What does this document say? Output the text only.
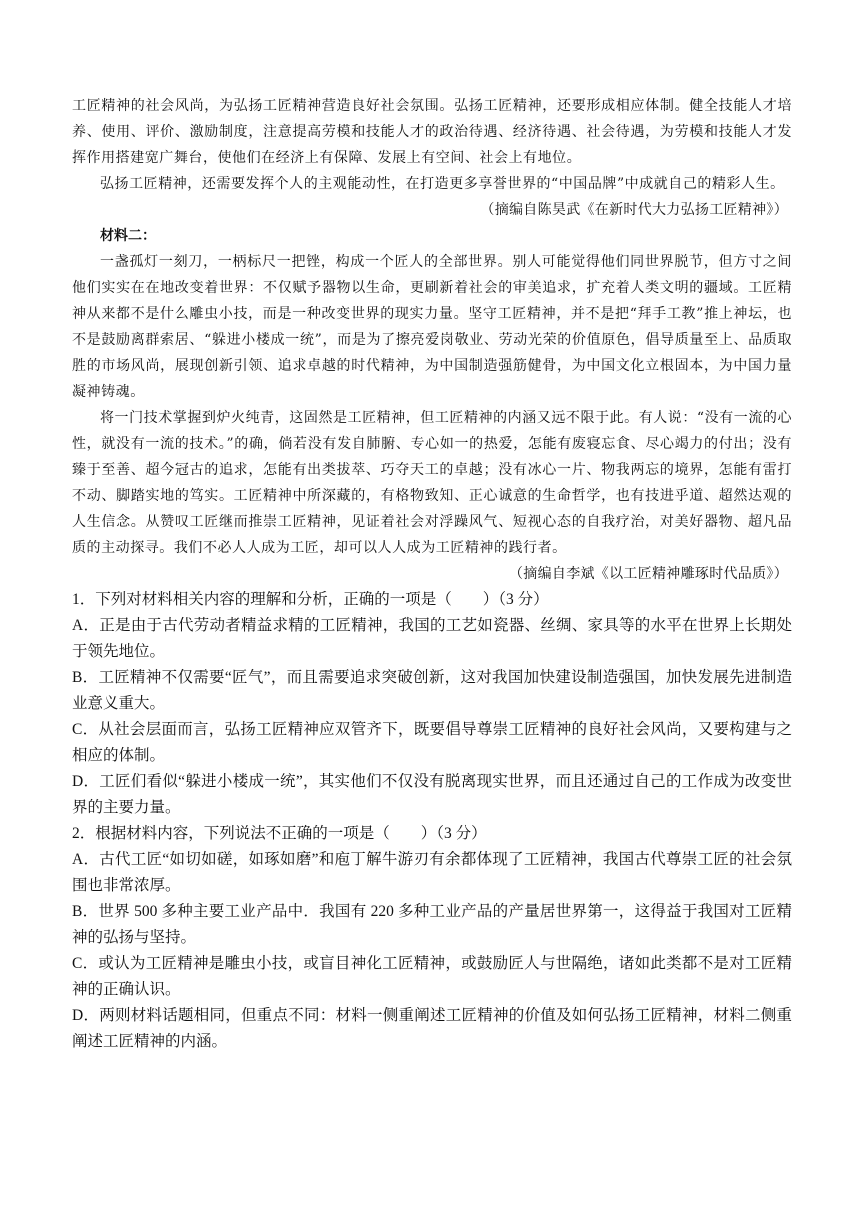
工匠精神的社会风尚，为弘扬工匠精神营造良好社会氛围。弘扬工匠精神，还要形成相应体制。健全技能人才培养、使用、评价、激励制度，注意提高劳模和技能人才的政治待遇、经济待遇、社会待遇，为劳模和技能人才发挥作用搭建宽广舞台，使他们在经济上有保障、发展上有空间、社会上有地位。

弘扬工匠精神，还需要发挥个人的主观能动性，在打造更多享誉世界的“中国品牌”中成就自己的精彩人生。

（摘编自陈昊武《在新时代大力弘扬工匠精神》）

材料二：

一盏孤灯一刻刀，一柄标尺一把锉，构成一个匠人的全部世界。别人可能觉得他们同世界脱节，但方寸之间他们实实在在地改变着世界：不仅赋予器物以生命，更刷新着社会的审美追求，扩充着人类文明的疆域。工匠精神从来都不是什么雕虫小技，而是一种改变世界的现实力量。坚守工匠精神，并不是把“拜手工教”推上神坛，也不是鼓励离群索居、“躲进小楼成一统”，而是为了擦亮爱岗敬业、劳动光荣的价值原色，倡导质量至上、品质取胜的市场风尚，展现创新引领、追求卓越的时代精神，为中国制造强筋健骨，为中国文化立根固本，为中国力量凝神铸魂。

将一门技术掌握到炉火纯青，这固然是工匠精神，但工匠精神的内涵又远不限于此。有人说：“没有一流的心性，就没有一流的技术。”的确，倘若没有发自肺腑、专心如一的热爱，怎能有废寝忘食、尽心竭力的付出；没有臻于至善、超今冠古的追求，怎能有出类拔萃、巧夺天工的卓越；没有冰心一片、物我两忘的境界，怎能有雷打不动、脚踏实地的笃实。工匠精神中所深藏的，有格物致知、正心诚意的生命哲学，也有技进乎道、超然达观的人生信念。从赞叹工匠继而推崇工匠精神，见证着社会对浮躁风气、短视心态的自我疗治，对美好器物、超凡品质的主动探寻。我们不必人人成为工匠，却可以人人成为工匠精神的践行者。

（摘编自李斌《以工匠精神雕琢时代品质》）

1．下列对材料相关内容的理解和分析，正确的一项是（　　）（3 分）

A．正是由于古代劳动者精益求精的工匠精神，我国的工艺如瓷器、丝绸、家具等的水平在世界上长期处于领先地位。

B．工匠精神不仅需要“匠气”，而且需要追求突破创新，这对我国加快建设制造强国，加快发展先进制造业意义重大。

C．从社会层面而言，弘扬工匠精神应双管齐下，既要倡导尊崇工匠精神的良好社会风尚，又要构建与之相应的体制。

D．工匠们看似“躲进小楼成一统”，其实他们不仅没有脱离现实世界，而且还通过自己的工作成为改变世界的主要力量。

2．根据材料内容，下列说法不正确的一项是（　　）（3 分）

A．古代工匠“如切如磋，如琢如磨”和庖丁解牛游刃有余都体现了工匠精神，我国古代尊崇工匠的社会氛围也非常浓厚。

B．世界 500 多种主要工业产品中．我国有 220 多种工业产品的产量居世界第一，这得益于我国对工匠精神的弘扬与坚持。

C．或认为工匠精神是雕虫小技，或盲目神化工匠精神，或鼓励匠人与世隔绝，诸如此类都不是对工匠精神的正确认识。

D．两则材料话题相同，但重点不同：材料一侧重阐述工匠精神的价值及如何弘扬工匠精神，材料二侧重阐述工匠精神的内涵。
